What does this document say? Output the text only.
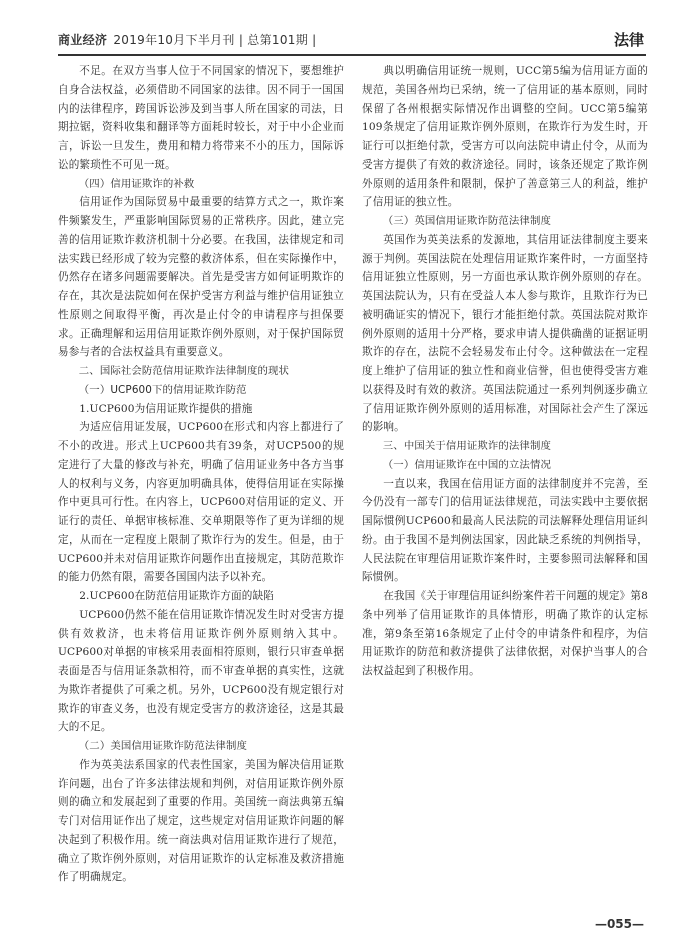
商业经济 2019年10月下半月刊 | 总第101期 |	法律

不足。在双方当事人位于不同国家的情况下，要想维护自身合法权益，必须借助不同国家的法律。因不同于一国国内的法律程序，跨国诉讼涉及到当事人所在国家的司法，日期拉锯，资料收集和翻译等方面耗时较长，对于中小企业而言，诉讼一旦发生，费用和精力将带来不小的压力，国际诉讼的繁琐性不可见一斑。

（四）信用证欺诈的补救

信用证作为国际贸易中最重要的结算方式之一，欺诈案件频繁发生，严重影响国际贸易的正常秩序。因此，建立完善的信用证欺诈救济机制十分必要。在我国，法律规定和司法实践已经形成了较为完整的救济体系，但在实际操作中，仍然存在诸多问题需要解决。首先是受害方如何证明欺诈的存在，其次是法院如何在保护受害方利益与维护信用证独立性原则之间取得平衡，再次是止付令的申请程序与担保要求。正确理解和运用信用证欺诈例外原则，对于保护国际贸易参与者的合法权益具有重要意义。

二、国际社会防范信用证欺诈法律制度的现状

（一）UCP600下的信用证欺诈防范

1.UCP600为信用证欺诈提供的措施

为适应信用证发展，UCP600在形式和内容上都进行了不小的改进。形式上UCP600共有39条，对UCP500的规定进行了大量的修改与补充，明确了信用证业务中各方当事人的权利与义务，内容更加明确具体，使得信用证在实际操作中更具可行性。在内容上，UCP600对信用证的定义、开证行的责任、单据审核标准、交单期限等作了更为详细的规定，从而在一定程度上限制了欺诈行为的发生。但是，由于UCP600并未对信用证欺诈问题作出直接规定，其防范欺诈的能力仍然有限，需要各国国内法予以补充。

2.UCP600在防范信用证欺诈方面的缺陷

UCP600仍然不能在信用证欺诈情况发生时对受害方提供有效救济，也未将信用证欺诈例外原则纳入其中。UCP600对单据的审核采用表面相符原则，银行只审查单据表面是否与信用证条款相符，而不审查单据的真实性，这就为欺诈者提供了可乘之机。另外，UCP600没有规定银行对欺诈的审查义务，也没有规定受害方的救济途径，这是其最大的不足。

（二）美国信用证欺诈防范法律制度

作为英美法系国家的代表性国家，美国为解决信用证欺诈问题，出台了许多法律法规和判例，对信用证欺诈例外原则的确立和发展起到了重要的作用。美国统一商法典第五编专门对信用证作出了规定，这些规定对信用证欺诈问题的解决起到了积极作用。统一商法典对信用证欺诈进行了规范，确立了欺诈例外原则，对信用证欺诈的认定标准及救济措施作了明确规定。

典以明确信用证统一规则，UCC第5编为信用证方面的规范，美国各州均已采纳，统一了信用证的基本原则，同时保留了各州根据实际情况作出调整的空间。UCC第5编第109条规定了信用证欺诈例外原则，在欺诈行为发生时，开证行可以拒绝付款，受害方可以向法院申请止付令，从而为受害方提供了有效的救济途径。同时，该条还规定了欺诈例外原则的适用条件和限制，保护了善意第三人的利益，维护了信用证的独立性。

（三）英国信用证欺诈防范法律制度

英国作为英美法系的发源地，其信用证法律制度主要来源于判例。英国法院在处理信用证欺诈案件时，一方面坚持信用证独立性原则，另一方面也承认欺诈例外原则的存在。英国法院认为，只有在受益人本人参与欺诈，且欺诈行为已被明确证实的情况下，银行才能拒绝付款。英国法院对欺诈例外原则的适用十分严格，要求申请人提供确凿的证据证明欺诈的存在，法院不会轻易发布止付令。这种做法在一定程度上维护了信用证的独立性和商业信誉，但也使得受害方难以获得及时有效的救济。英国法院通过一系列判例逐步确立了信用证欺诈例外原则的适用标准，对国际社会产生了深远的影响。

三、中国关于信用证欺诈的法律制度

（一）信用证欺诈在中国的立法情况

一直以来，我国在信用证方面的法律制度并不完善，至今仍没有一部专门的信用证法律规范，司法实践中主要依据国际惯例UCP600和最高人民法院的司法解释处理信用证纠纷。由于我国不是判例法国家，因此缺乏系统的判例指导，人民法院在审理信用证欺诈案件时，主要参照司法解释和国际惯例。

在我国《关于审理信用证纠纷案件若干问题的规定》第8条中列举了信用证欺诈的具体情形，明确了欺诈的认定标准，第9条至第16条规定了止付令的申请条件和程序，为信用证欺诈的防范和救济提供了法律依据，对保护当事人的合法权益起到了积极作用。

—055—
